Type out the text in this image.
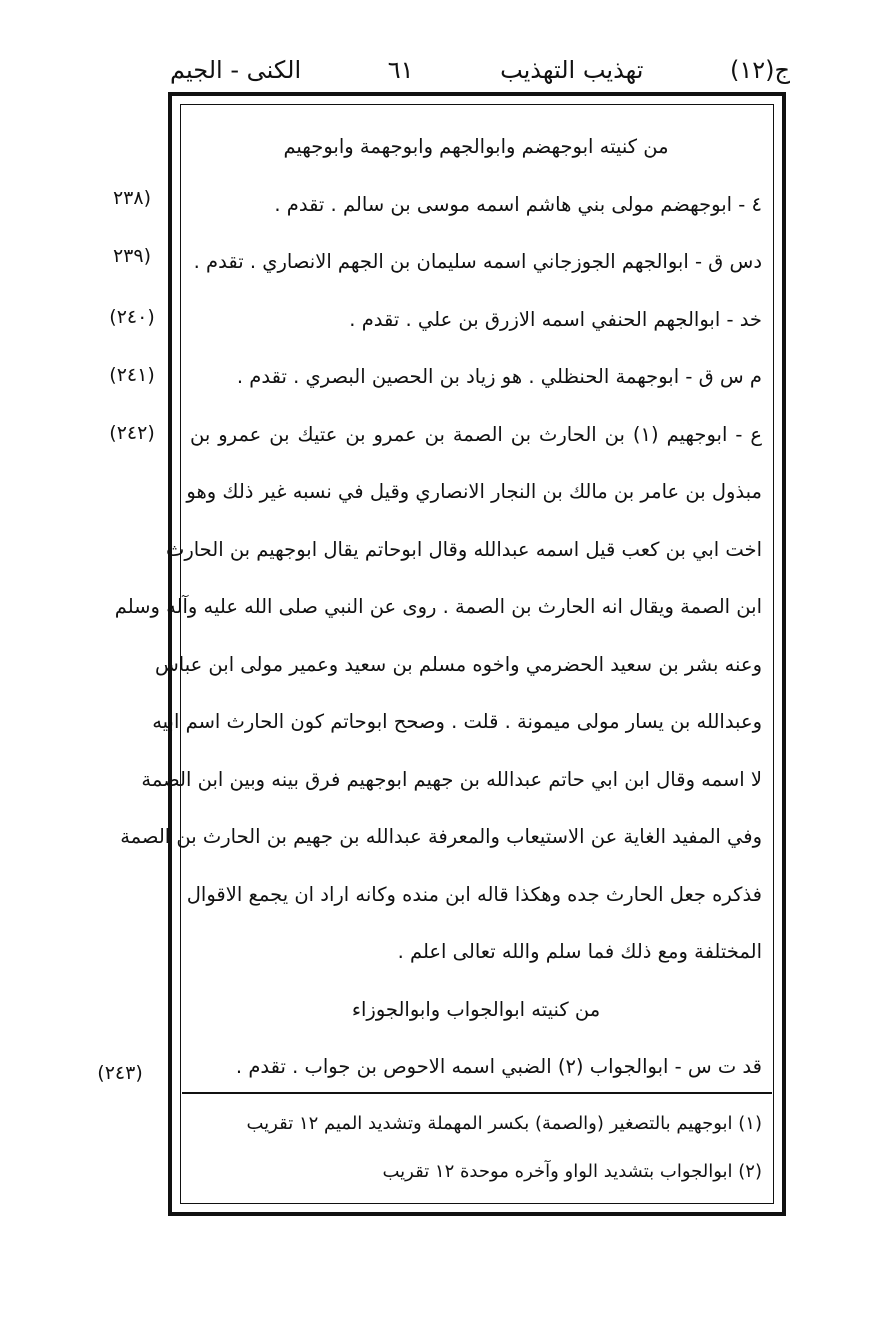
ج(١٢)
تهذيب التهذيب
٦١
الكنى - الجيم
من كنيته ابوجهضم وابوالجهم وابوجهمة وابوجهيم
٤ - ابوجهضم مولى بني هاشم اسمه موسى بن سالم . تقدم .
دس ق - ابوالجهم الجوزجاني اسمه سليمان بن الجهم الانصاري . تقدم .
خد - ابوالجهم الحنفي اسمه الازرق بن علي . تقدم .
م س ق - ابوجهمة الحنظلي . هو زياد بن الحصين البصري . تقدم .
ع - ابوجهيم (١) بن الحارث بن الصمة بن عمرو بن عتيك بن عمرو بن
مبذول بن عامر بن مالك بن النجار الانصاري وقيل في نسبه غير ذلك وهو
اخت ابي بن كعب قيل اسمه عبدالله وقال ابوحاتم يقال ابوجهيم بن الحارث
ابن الصمة ويقال انه الحارث بن الصمة . روى عن النبي صلى الله عليه وآله وسلم
وعنه بشر بن سعيد الحضرمي واخوه مسلم بن سعيد وعمير مولى ابن عباس
وعبدالله بن يسار مولى ميمونة . قلت . وصحح ابوحاتم كون الحارث اسم ابيه
لا اسمه وقال ابن ابي حاتم عبدالله بن جهيم ابوجهيم فرق بينه وبين ابن الصمة
وفي المفيد الغاية عن الاستيعاب والمعرفة عبدالله بن جهيم بن الحارث بن الصمة
فذكره جعل الحارث جده وهكذا قاله ابن منده وكانه اراد ان يجمع الاقوال
المختلفة ومع ذلك فما سلم والله تعالى اعلم .
من كنيته ابوالجواب وابوالجوزاء
قد ت س - ابوالجواب (٢) الضبي اسمه الاحوص بن جواب . تقدم .
(٢٣٨
(٢٣٩
(٢٤٠)
(٢٤١)
(٢٤٢)
(٢٤٣)
(١) ابوجهيم بالتصغير (والصمة) بكسر المهملة وتشديد الميم ١٢ تقريب
(٢) ابوالجواب بتشديد الواو وآخره موحدة ١٢ تقريب
